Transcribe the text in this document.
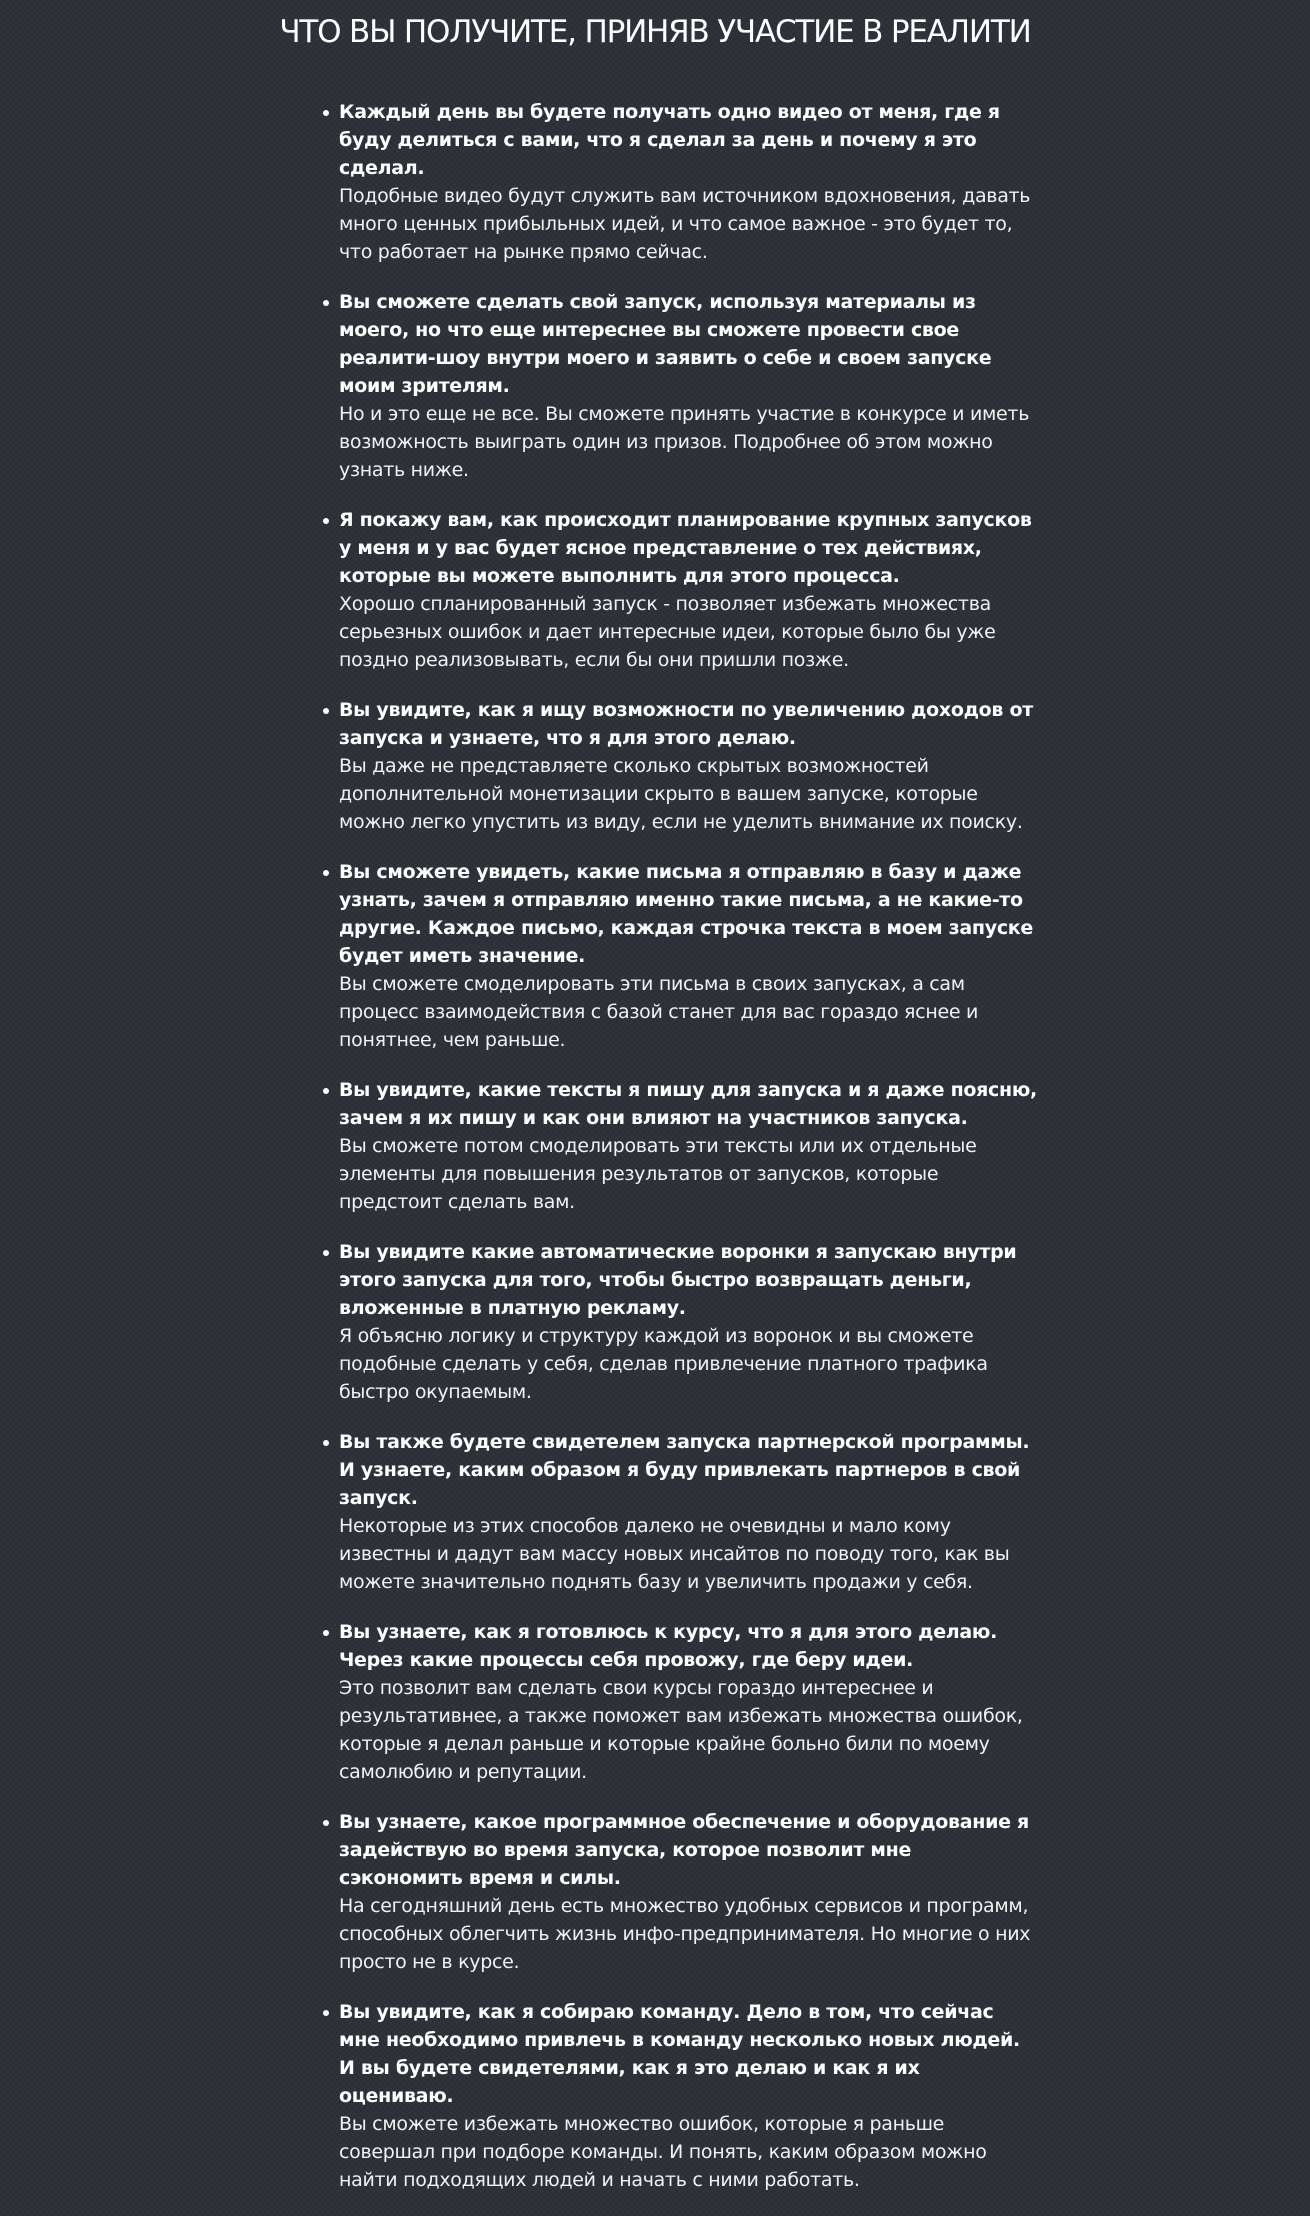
ЧТО ВЫ ПОЛУЧИТЕ, ПРИНЯВ УЧАСТИЕ В РЕАЛИТИ
Каждый день вы будете получать одно видео от меня, где я буду делиться с вами, что я сделал за день и почему я это сделал.
Подобные видео будут служить вам источником вдохновения, давать много ценных прибыльных идей, и что самое важное - это будет то, что работает на рынке прямо сейчас.
Вы сможете сделать свой запуск, используя материалы из моего, но что еще интереснее вы сможете провести свое реалити-шоу внутри моего и заявить о себе и своем запуске моим зрителям.
Но и это еще не все. Вы сможете принять участие в конкурсе и иметь возможность выиграть один из призов. Подробнее об этом можно узнать ниже.
Я покажу вам, как происходит планирование крупных запусков у меня и у вас будет ясное представление о тех действиях, которые вы можете выполнить для этого процесса.
Хорошо спланированный запуск - позволяет избежать множества серьезных ошибок и дает интересные идеи, которые было бы уже поздно реализовывать, если бы они пришли позже.
Вы увидите, как я ищу возможности по увеличению доходов от запуска и узнаете, что я для этого делаю.
Вы даже не представляете сколько скрытых возможностей дополнительной монетизации скрыто в вашем запуске, которые можно легко упустить из виду, если не уделить внимание их поиску.
Вы сможете увидеть, какие письма я отправляю в базу и даже узнать, зачем я отправляю именно такие письма, а не какие-то другие. Каждое письмо, каждая строчка текста в моем запуске будет иметь значение.
Вы сможете смоделировать эти письма в своих запусках, а сам процесс взаимодействия с базой станет для вас гораздо яснее и понятнее, чем раньше.
Вы увидите, какие тексты я пишу для запуска и я даже поясню, зачем я их пишу и как они влияют на участников запуска.
Вы сможете потом смоделировать эти тексты или их отдельные элементы для повышения результатов от запусков, которые предстоит сделать вам.
Вы увидите какие автоматические воронки я запускаю внутри этого запуска для того, чтобы быстро возвращать деньги, вложенные в платную рекламу.
Я объясню логику и структуру каждой из воронок и вы сможете подобные сделать у себя, сделав привлечение платного трафика быстро окупаемым.
Вы также будете свидетелем запуска партнерской программы. И узнаете, каким образом я буду привлекать партнеров в свой запуск.
Некоторые из этих способов далеко не очевидны и мало кому известны и дадут вам массу новых инсайтов по поводу того, как вы можете значительно поднять базу и увеличить продажи у себя.
Вы узнаете, как я готовлюсь к курсу, что я для этого делаю. Через какие процессы себя провожу, где беру идеи.
Это позволит вам сделать свои курсы гораздо интереснее и результативнее, а также поможет вам избежать множества ошибок, которые я делал раньше и которые крайне больно били по моему самолюбию и репутации.
Вы узнаете, какое программное обеспечение и оборудование я задействую во время запуска, которое позволит мне сэкономить время и силы.
На сегодняшний день есть множество удобных сервисов и программ, способных облегчить жизнь инфо-предпринимателя. Но многие о них просто не в курсе.
Вы увидите, как я собираю команду. Дело в том, что сейчас мне необходимо привлечь в команду несколько новых людей. И вы будете свидетелями, как я это делаю и как я их оцениваю.
Вы сможете избежать множество ошибок, которые я раньше совершал при подборе команды. И понять, каким образом можно найти подходящих людей и начать с ними работать.
